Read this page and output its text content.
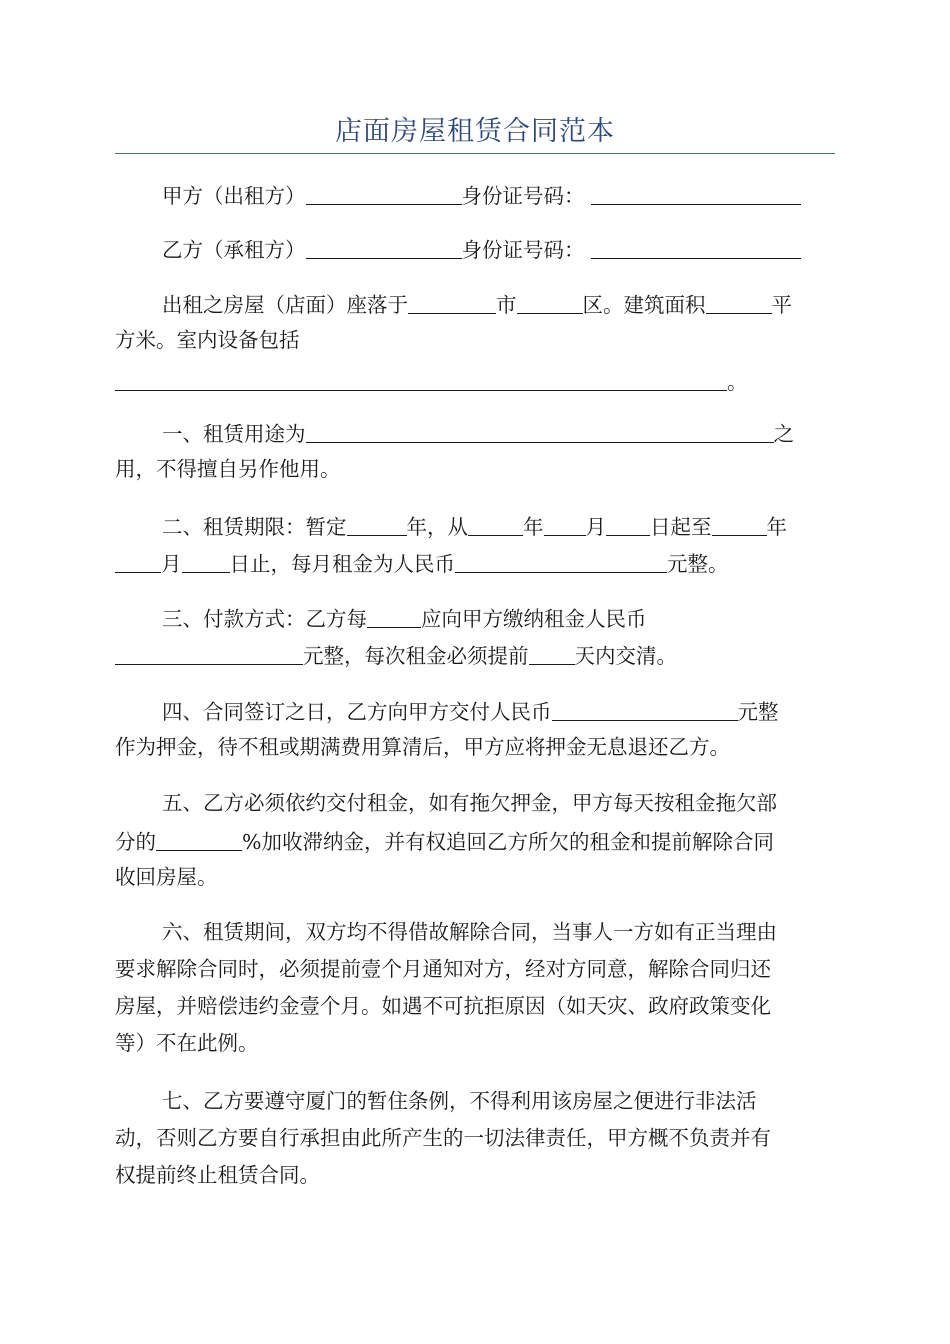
店面房屋租赁合同范本
甲方（出租方）	身份证号码：
乙方（承租方）	身份证号码：
出租之房屋（店面）座落于	市	区。建筑面积	平
方米。室内设备包括
。
一、租赁用途为	之
用，不得擅自另作他用。
二、租赁期限：暂定	年，从	年 月 日起至	年
月 日止，每月租金为人民币	元整。
三、付款方式：乙方每	应向甲方缴纳租金人民币
元整，每次租金必须提前 天内交清。
四、合同签订之日，乙方向甲方交付人民币	元整
作为押金，待不租或期满费用算清后，甲方应将押金无息退还乙方。
五、乙方必须依约交付租金，如有拖欠押金，甲方每天按租金拖欠部
分的	%加收滞纳金，并有权追回乙方所欠的租金和提前解除合同
收回房屋。
六、租赁期间，双方均不得借故解除合同，当事人一方如有正当理由
要求解除合同时，必须提前壹个月通知对方，经对方同意，解除合同归还
房屋，并赔偿违约金壹个月。如遇不可抗拒原因（如天灾、政府政策变化
等）不在此例。
七、乙方要遵守厦门的暂住条例，不得利用该房屋之便进行非法活
动，否则乙方要自行承担由此所产生的一切法律责任，甲方概不负责并有
权提前终止租赁合同。
